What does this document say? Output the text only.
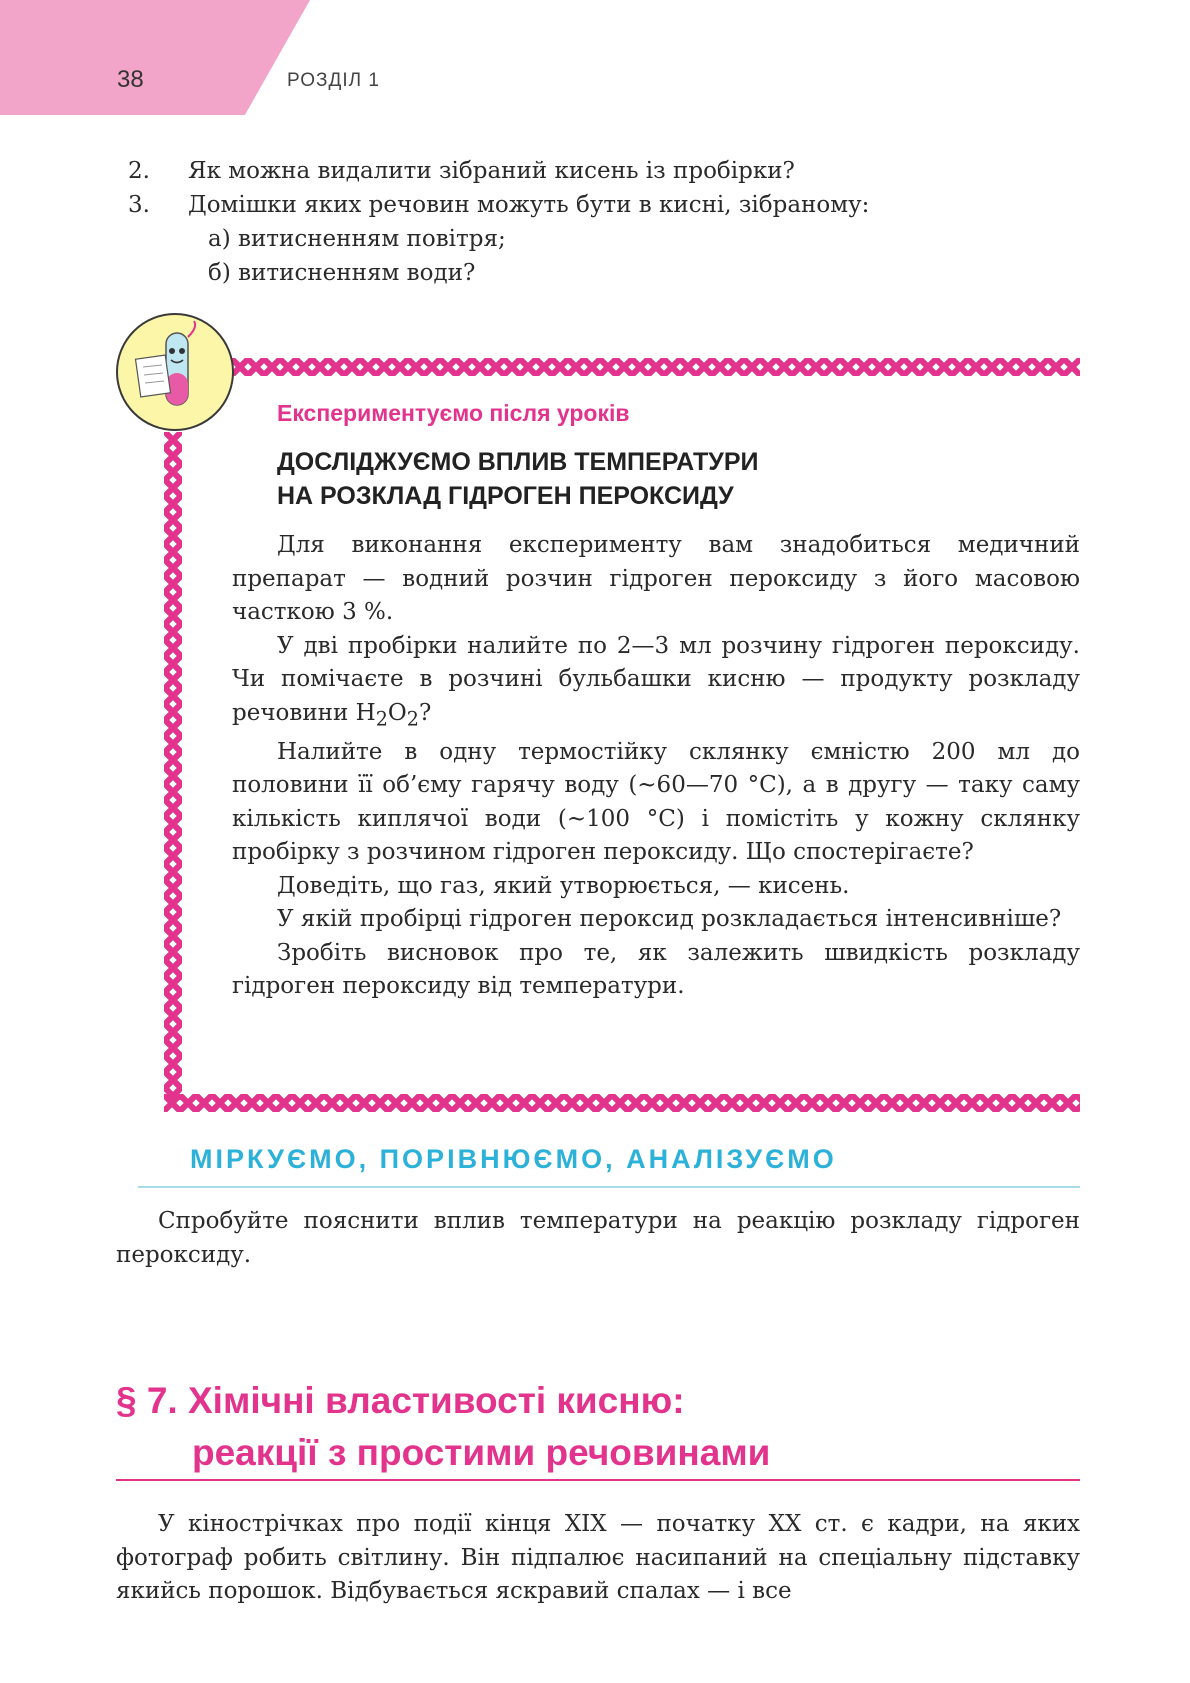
38	РОЗДІЛ 1
2.	Як можна видалити зібраний кисень із пробірки?
3.	Домішки яких речовин можуть бути в кисні, зібраному:
а) витисненням повітря;
б) витисненням води?
Експериментуємо після уроків
ДОСЛІДЖУЄМО ВПЛИВ ТЕМПЕРАТУРИ
НА РОЗКЛАД ГІДРОГЕН ПЕРОКСИДУ

Для виконання експерименту вам знадобиться медичний препарат — водний розчин гідроген пероксиду з його масовою часткою 3 %.

У дві пробірки налийте по 2—3 мл розчину гідроген пероксиду. Чи помічаєте в розчині бульбашки кисню — продукту розкладу речовини $H_2O_2$?

Налийте в одну термостійку склянку ємністю 200 мл до половини її об’єму гарячу воду (~60—70 °C), а в другу — таку саму кількість киплячої води (~100 °C) і помістіть у кожну склянку пробірку з розчином гідроген пероксиду. Що спостерігаєте?

Доведіть, що газ, який утворюється, — кисень.

У якій пробірці гідроген пероксид розкладається інтенсивніше?

Зробіть висновок про те, як залежить швидкість розкладу гідроген пероксиду від температури.

МІРКУЄМО, ПОРІВНЮЄМО, АНАЛІЗУЄМО

Спробуйте пояснити вплив температури на реакцію розкладу гідроген пероксиду.

§ 7. Хімічні властивості кисню:
реакції з простими речовинами

У кінострічках про події кінця XIX — початку XX ст. є кадри, на яких фотограф робить світлину. Він підпалює насипаний на спеціальну підставку якийсь порошок. Відбувається яскравий спалах — і все
